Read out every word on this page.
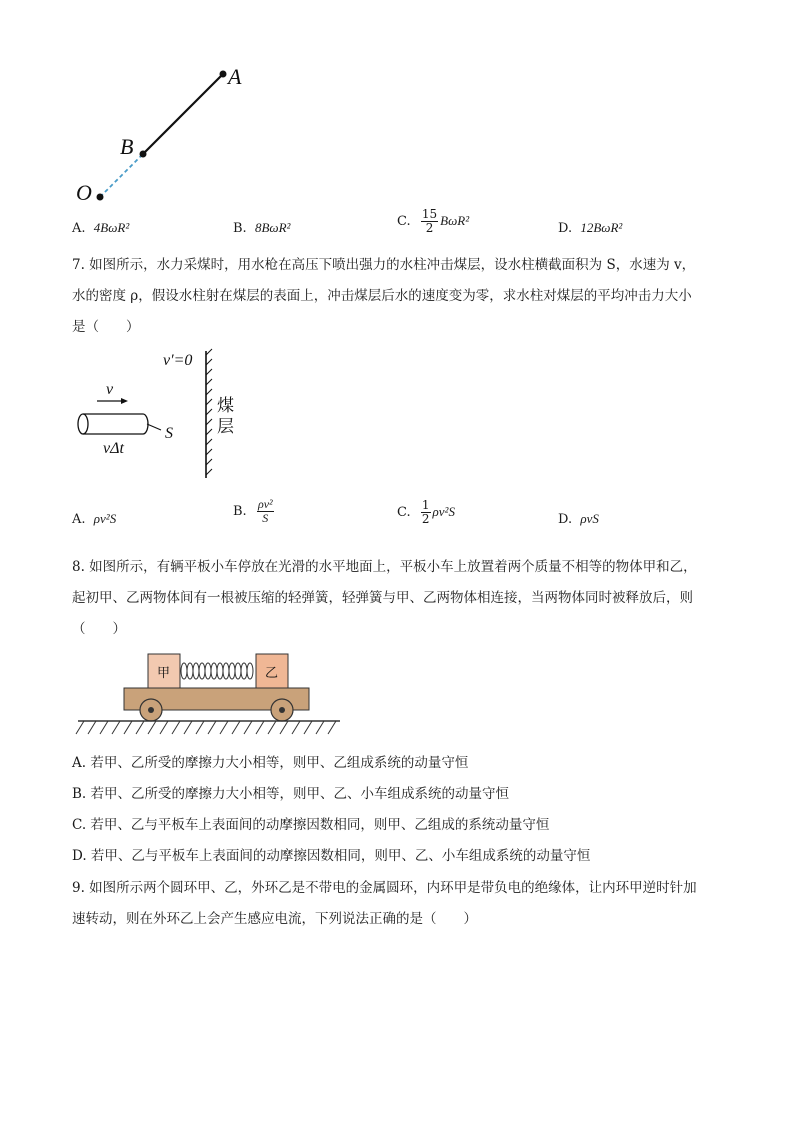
A
B
O
A. 4BωR²	B. 8BωR²	C. $\frac{15}{2} B\omega R^2$
D. 12BωR²
7. 如图所示，水力采煤时，用水枪在高压下喷出强力的水柱冲击煤层，设水柱横截面积为 S，水速为 v，
水的密度 ρ，假设水柱射在煤层的表面上，冲击煤层后水的速度变为零，求水柱对煤层的平均冲击力大小
是（　　）
v′=0
煤
层
v
S
vΔt
A. ρv²S	B. $\frac{\text{ρv²}}{S}$	C. $\frac{1}{2} \rho v^2S$
D. ρvS
8. 如图所示，有辆平板小车停放在光滑的水平地面上，平板小车上放置着两个质量不相等的物体甲和乙，
起初甲、乙两物体间有一根被压缩的轻弹簧，轻弹簧与甲、乙两物体相连接，当两物体同时被释放后，则
（　　）
甲	乙
A. 若甲、乙所受的摩擦力大小相等，则甲、乙组成系统的动量守恒
B. 若甲、乙所受的摩擦力大小相等，则甲、乙、小车组成系统的动量守恒
C. 若甲、乙与平板车上表面间的动摩擦因数相同，则甲、乙组成的系统动量守恒
D. 若甲、乙与平板车上表面间的动摩擦因数相同，则甲、乙、小车组成系统的动量守恒
9. 如图所示两个圆环甲、乙，外环乙是不带电的金属圆环，内环甲是带负电的绝缘体，让内环甲逆时针加
速转动，则在外环乙上会产生感应电流，下列说法正确的是（　　）
